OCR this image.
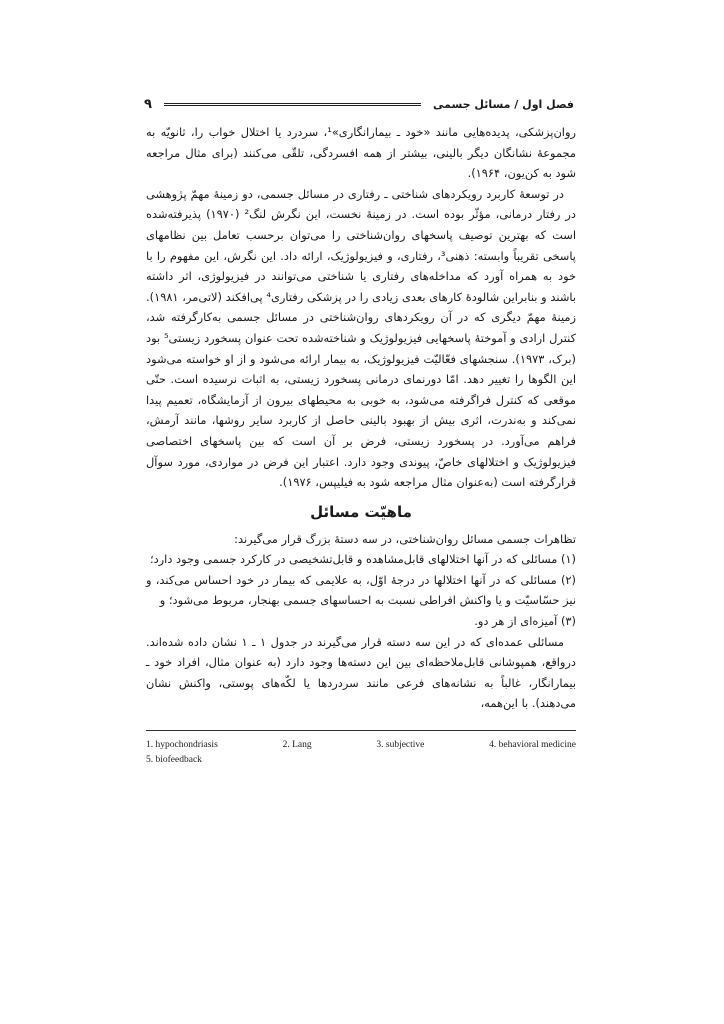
فصل اول / مسائل جسمی
۹

روان‌پزشکی، پدیده‌هایی مانند «خود ـ بیمارانگاری»¹، سردرد یا اختلال خواب را، ثانویّه به مجموعهٔ نشانگان دیگر بالینی، بیشتر از همه افسردگی، تلقّی می‌کنند (برای مثال مراجعه شود به کن‌یون، ۱۹۶۴).

در توسعهٔ کاربرد رویکردهای شناختی ـ رفتاری در مسائل جسمی، دو زمینهٔ مهمّ پژوهشی در رفتار درمانی، مؤثّر بوده است. در زمینهٔ نخست، این نگرش لنگ² (۱۹۷۰) پذیرفته‌شده است که بهترین توصیف پاسخهای روان‌شناختی را می‌توان برحسب تعامل بین نظامهای پاسخی تقریباً وابسته: ذهنی³، رفتاری، و فیزیولوژیک، ارائه داد. این نگرش، این مفهوم را با خود به همراه آورد که مداخله‌های رفتاری یا شناختی می‌توانند در فیزیولوژی، اثر داشته باشند و بنابراین شالودهٔ کارهای بعدی زیادی را در پزشکی رفتاری⁴ پی‌افکند (لاتی‌مر، ۱۹۸۱). زمینهٔ مهمّ دیگری که در آن رویکردهای روان‌شناختی در مسائل جسمی به‌کارگرفته شد، کنترل ارادی و آموختهٔ پاسخهایی فیزیولوژیک و شناخته‌شده تحت عنوان پسخورد زیستی⁵ بود (برک، ۱۹۷۳). سنجشهای فعّالیّت فیزیولوژیک، به بیمار ارائه می‌شود و از او خواسته می‌شود این الگوها را تغییر دهد. امّا دورنمای درمانی پسخورد زیستی، به اثبات نرسیده است. حتّی موقعی که کنترل فراگرفته می‌شود، به خوبی به محیطهای بیرون از آزمایشگاه، تعمیم پیدا نمی‌کند و به‌ندرت، اثری بیش از بهبود بالینی حاصل از کاربرد سایر روشها، مانند آرمش، فراهم می‌آورد. در پسخورد زیستی، فرض بر آن است که بین پاسخهای اختصاصی فیزیولوژیک و اختلالهای خاصّ، پیوندی وجود دارد. اعتبار این فرض در مواردی، مورد سوآل قرارگرفته است (به‌عنوان مثال مراجعه شود به فیلیپس، ۱۹۷۶).

ماهیّت مسائل

تظاهرات جسمی مسائل روان‌شناختی، در سه دستهٔ بزرگ قرار می‌گیرند:

(۱) مسائلی که در آنها اختلالهای قابل‌مشاهده و قابل‌تشخیصی در کارکرد جسمی وجود دارد؛

(۲) مسائلی که در آنها اختلالها در درجهٔ اوّل، به علایمی که بیمار در خود احساس می‌کند، و نیز حسّاسیّت و یا واکنش افراطی نسبت به احساسهای جسمی بهنجار، مربوط می‌شود؛ و

(۳) آمیزه‌ای از هر دو.

مسائلی عمده‌ای که در این سه دسته قرار می‌گیرند در جدول ۱ ـ ۱ نشان داده شده‌اند. درواقع، همپوشانی قابل‌ملاحظه‌ای بین این دسته‌ها وجود دارد (به عنوان مثال، افراد خود ـ بیمارانگار، غالباً به نشانه‌های فرعی مانند سردردها یا لکّه‌های پوستی، واکنش نشان می‌دهند). با این‌همه،

1. hypochondriasis	2. Lang	3. subjective	4. behavioral medicine
5. biofeedback
